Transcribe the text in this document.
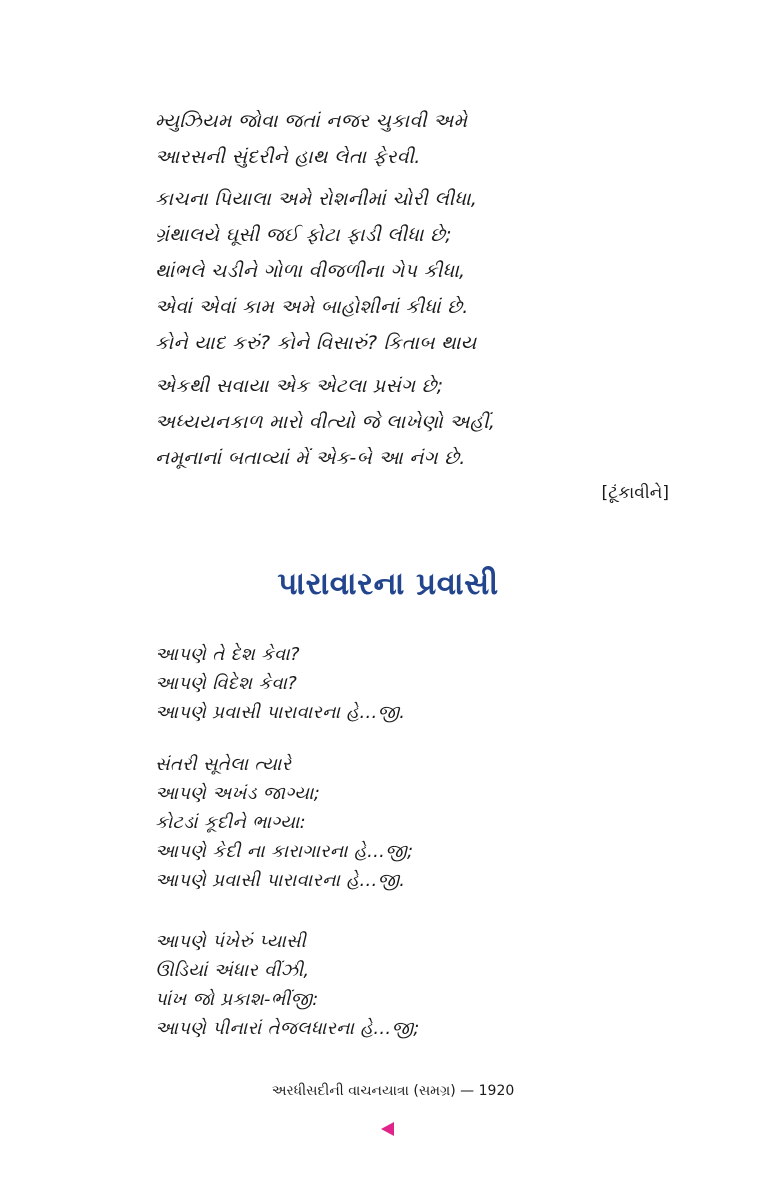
મ્યુઝિયમ જોવા જતાં નજર ચુકાવી અમે
આરસની સુંદરીને હાથ લેતા ફેરવી.
કાચના પિયાલા અમે રોશનીમાં ચોરી લીધા,
ગ્રંથાલયે ઘૂસી જઈ ફોટા ફાડી લીધા છે;
થાંભલે ચડીને ગોળા વીજળીના ગેપ કીધા,
એવાં એવાં કામ અમે બાહોશીનાં કીધાં છે.
કોને યાદ કરું? કોને વિસારું? કિતાબ થાય
એકથી સવાયા એક એટલા પ્રસંગ છે;
અધ્યયનકાળ મારો વીત્યો જે લાખેણો અહીં,
નમૂનાનાં બતાવ્યાં મેં એક-બે આ નંગ છે.
[ટૂંકાવીને]
પારાવારના પ્રવાસી
આપણે તે દેશ કેવા?
આપણે વિદેશ કેવા?
આપણે પ્રવાસી પારાવારના હે…જી.
સંતરી સૂતેલા ત્યારે
આપણે અખંડ જાગ્યા;
કોટડાં કૂદીને ભાગ્યા:
આપણે કેદી ના કારાગારના હે…જી;
આપણે પ્રવાસી પારાવારના હે…જી.
આપણે પંખેરું પ્યાસી
ઊડિયાં અંધાર વીંઝી,
પાંખ જો પ્રકાશ-ભીંજી:
આપણે પીનારાં તેજલધારના હે…જી;
અરધીસદીની વાચનયાત્રા (સમગ્ર) — 1920
